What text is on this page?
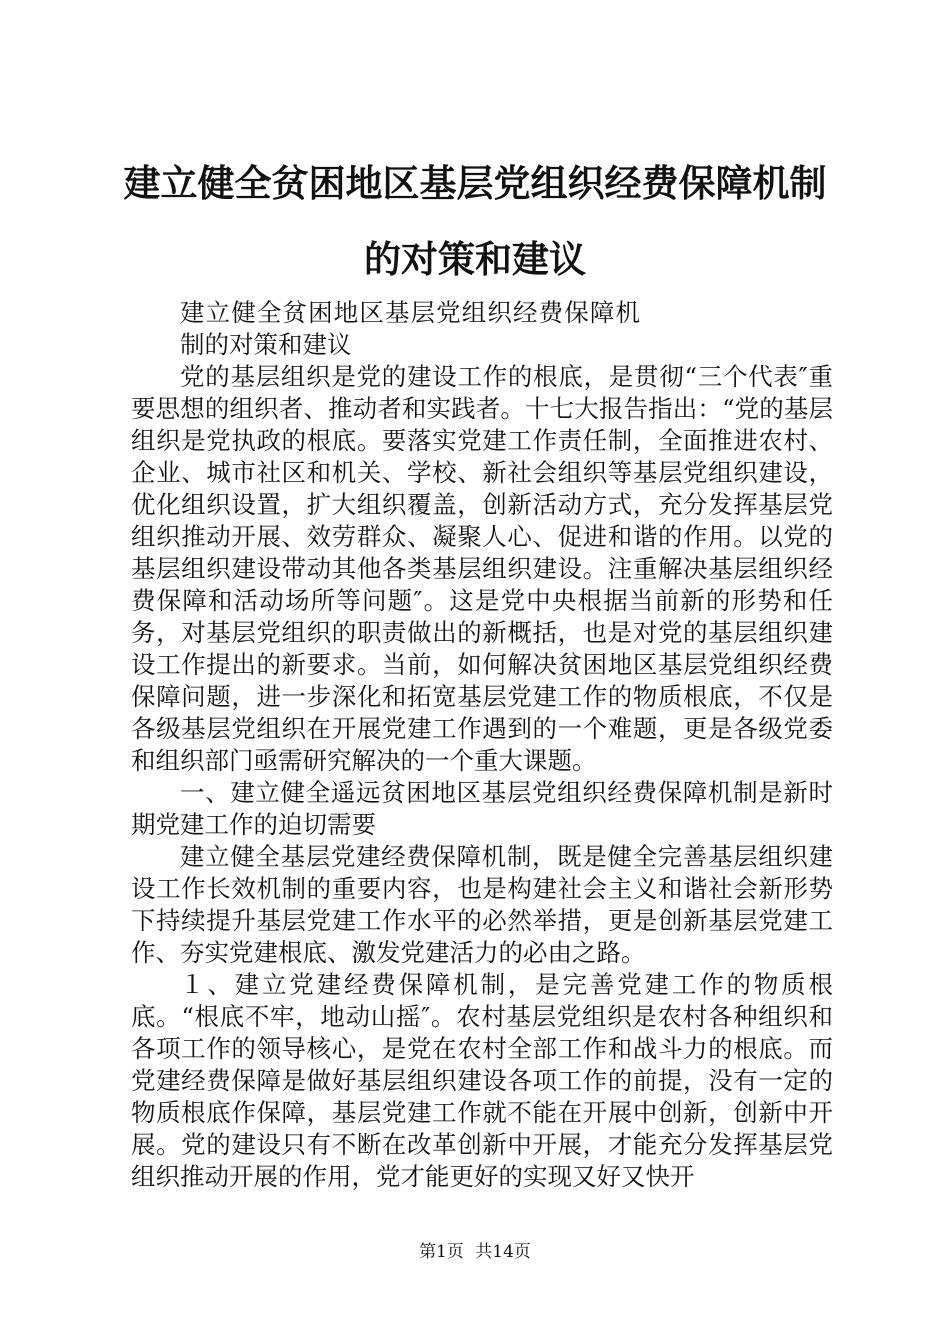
建立健全贫困地区基层党组织经费保障机制的对策和建议

建立健全贫困地区基层党组织经费保障机制的对策和建议

党的基层组织是党的建设工作的根底，是贯彻“三个代表″重要思想的组织者、推动者和实践者。十七大报告指出：“党的基层组织是党执政的根底。要落实党建工作责任制，全面推进农村、企业、城市社区和机关、学校、新社会组织等基层党组织建设，优化组织设置，扩大组织覆盖，创新活动方式，充分发挥基层党组织推动开展、效劳群众、凝聚人心、促进和谐的作用。以党的基层组织建设带动其他各类基层组织建设。注重解决基层组织经费保障和活动场所等问题″。这是党中央根据当前新的形势和任务，对基层党组织的职责做出的新概括，也是对党的基层组织建设工作提出的新要求。当前，如何解决贫困地区基层党组织经费保障问题，进一步深化和拓宽基层党建工作的物质根底，不仅是各级基层党组织在开展党建工作遇到的一个难题，更是各级党委和组织部门亟需研究解决的一个重大课题。

一、建立健全遥远贫困地区基层党组织经费保障机制是新时期党建工作的迫切需要

建立健全基层党建经费保障机制，既是健全完善基层组织建设工作长效机制的重要内容，也是构建社会主义和谐社会新形势下持续提升基层党建工作水平的必然举措，更是创新基层党建工作、夯实党建根底、激发党建活力的必由之路。

１、建立党建经费保障机制，是完善党建工作的物质根底。“根底不牢，地动山摇″。农村基层党组织是农村各种组织和各项工作的领导核心，是党在农村全部工作和战斗力的根底。而党建经费保障是做好基层组织建设各项工作的前提，没有一定的物质根底作保障，基层党建工作就不能在开展中创新，创新中开展。党的建设只有不断在改革创新中开展，才能充分发挥基层党组织推动开展的作用，党才能更好的实现又好又快开

第1页 共14页
